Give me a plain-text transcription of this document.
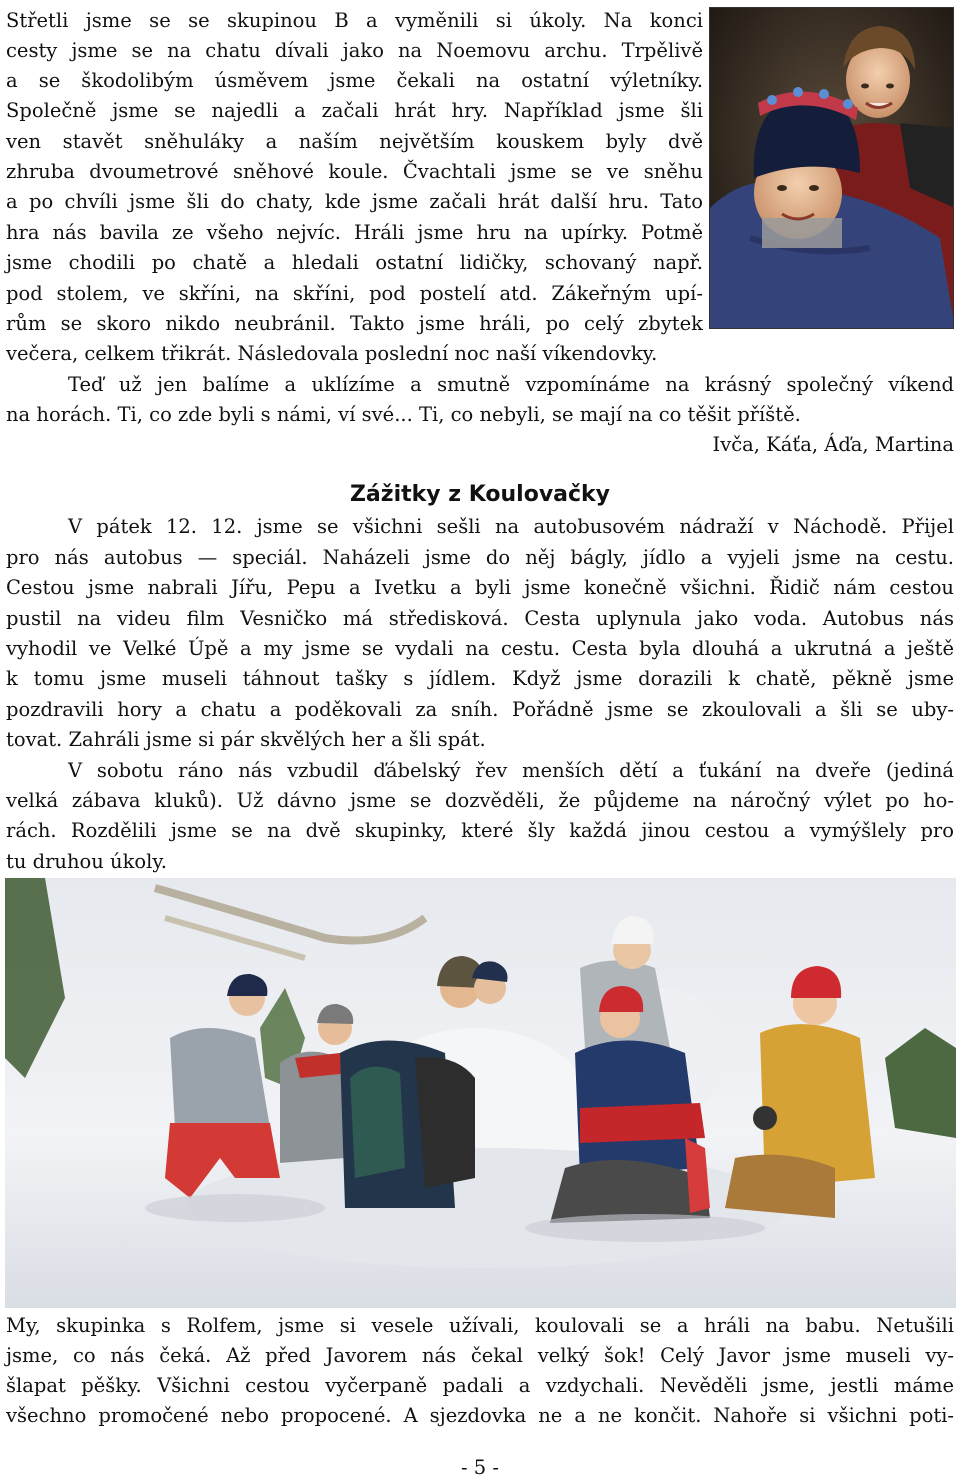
Střetli jsme se se skupinou B a vyměnili si úkoly. Na konci
cesty jsme se na chatu dívali jako na Noemovu archu. Trpělivě
a se škodolibým úsměvem jsme čekali na ostatní výletníky.
Společně jsme se najedli a začali hrát hry. Například jsme šli
ven stavět sněhuláky a naším největším kouskem byly dvě
zhruba dvoumetrové sněhové koule. Čvachtali jsme se ve sněhu
a po chvíli jsme šli do chaty, kde jsme začali hrát další hru. Tato
hra nás bavila ze všeho nejvíc. Hráli jsme hru na upírky. Potmě
jsme chodili po chatě a hledali ostatní lidičky, schovaný např.
pod stolem, ve skříni, na skříni, pod postelí atd. Zákeřným upí-
rům se skoro nikdo neubránil. Takto jsme hráli, po celý zbytek
večera, celkem třikrát. Následovala poslední noc naší víkendovky.
Teď už jen balíme a uklízíme a smutně vzpomínáme na krásný společný víkend
na horách. Ti, co zde byli s námi, ví své... Ti, co nebyli, se mají na co těšit příště.
Ivča, Káťa, Áďa, Martina
Zážitky z Koulovačky
V pátek 12. 12. jsme se všichni sešli na autobusovém nádraží v Náchodě. Přijel
pro nás autobus — speciál. Naházeli jsme do něj bágly, jídlo a vyjeli jsme na cestu.
Cestou jsme nabrali Jířu, Pepu a Ivetku a byli jsme konečně všichni. Řidič nám cestou
pustil na videu film Vesničko má středisková. Cesta uplynula jako voda. Autobus nás
vyhodil ve Velké Úpě a my jsme se vydali na cestu. Cesta byla dlouhá a ukrutná a ještě
k tomu jsme museli táhnout tašky s jídlem. Když jsme dorazili k chatě, pěkně jsme
pozdravili hory a chatu a poděkovali za sníh. Pořádně jsme se zkoulovali a šli se uby-
tovat. Zahráli jsme si pár skvělých her a šli spát.
V sobotu ráno nás vzbudil ďábelský řev menších dětí a ťukání na dveře (jediná
velká zábava kluků). Už dávno jsme se dozvěděli, že půjdeme na náročný výlet po ho-
rách. Rozdělili jsme se na dvě skupinky, které šly každá jinou cestou a vymýšlely pro
tu druhou úkoly.
My, skupinka s Rolfem, jsme si vesele užívali, koulovali se a hráli na babu. Netušili
jsme, co nás čeká. Až před Javorem nás čekal velký šok! Celý Javor jsme museli vy-
šlapat pěšky. Všichni cestou vyčerpaně padali a vzdychali. Nevěděli jsme, jestli máme
všechno promočené nebo propocené. A sjezdovka ne a ne končit. Nahoře si všichni poti-
- 5 -
